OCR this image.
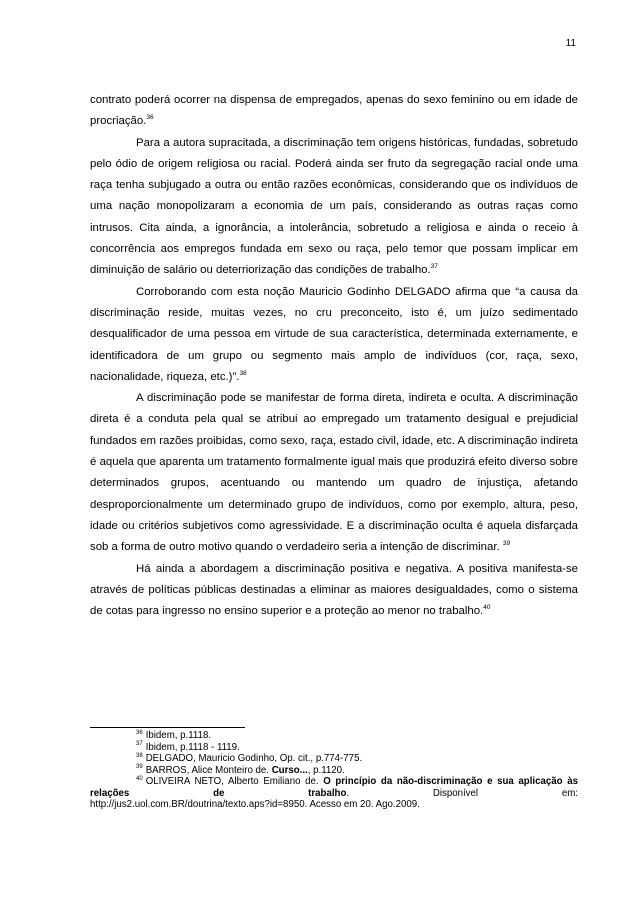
11

contrato poderá ocorrer na dispensa de empregados, apenas do sexo feminino ou em idade de procriação.$^{36}$

Para a autora supracitada, a discriminação tem origens históricas, fundadas, sobretudo pelo ódio de origem religiosa ou racial. Poderá ainda ser fruto da segregação racial onde uma raça tenha subjugado a outra ou então razões econômicas, considerando que os indivíduos de uma nação monopolizaram a economia de um país, considerando as outras raças como intrusos. Cita ainda, a ignorância, a intolerância, sobretudo a religiosa e ainda o receio à concorrência aos empregos fundada em sexo ou raça, pelo temor que possam implicar em diminuição de salário ou deterriorização das condições de trabalho.$^{37}$

Corroborando com esta noção Mauricio Godinho DELGADO afirma que “a causa da discriminação reside, muitas vezes, no cru preconceito, isto é, um juízo sedimentado desqualificador de uma pessoa em virtude de sua característica, determinada externamente, e identificadora de um grupo ou segmento mais amplo de indivíduos (cor, raça, sexo, nacionalidade, riqueza, etc.)”.$^{38}$

A discriminação pode se manifestar de forma direta, indireta e oculta. A discriminação direta é a conduta pela qual se atribui ao empregado um tratamento desigual e prejudicial fundados em razões proibidas, como sexo, raça, estado civil, idade, etc. A discriminação indireta é aquela que aparenta um tratamento formalmente igual mais que produzirá efeito diverso sobre determinados grupos, acentuando ou mantendo um quadro de injustiça, afetando desproporcionalmente um determinado grupo de indivíduos, como por exemplo, altura, peso, idade ou critérios subjetivos como agressividade. E a discriminação oculta é aquela disfarçada sob a forma de outro motivo quando o verdadeiro seria a intenção de discriminar. $^{39}$

Há ainda a abordagem a discriminação positiva e negativa. A positiva manifesta-se através de políticas públicas destinadas a eliminar as maiores desigualdades, como o sistema de cotas para ingresso no ensino superior e a proteção ao menor no trabalho.$^{40}$

$^{36}$ Ibidem, p.1118.

$^{37}$ Ibidem, p.1118 - 1119.

$^{38}$ DELGADO, Mauricio Godinho, Op. cit., p.774-775.

$^{39}$ BARROS, Alice Monteiro de. Curso..., p.1120.

$^{40}$ OLIVEIRA NETO, Alberto Emiliano de. O princípio da não-discriminação e sua aplicação às relações de trabalho. Disponível em:

http://jus2.uol.com.BR/doutrina/texto.aps?id=8950. Acesso em 20. Ago.2009.
